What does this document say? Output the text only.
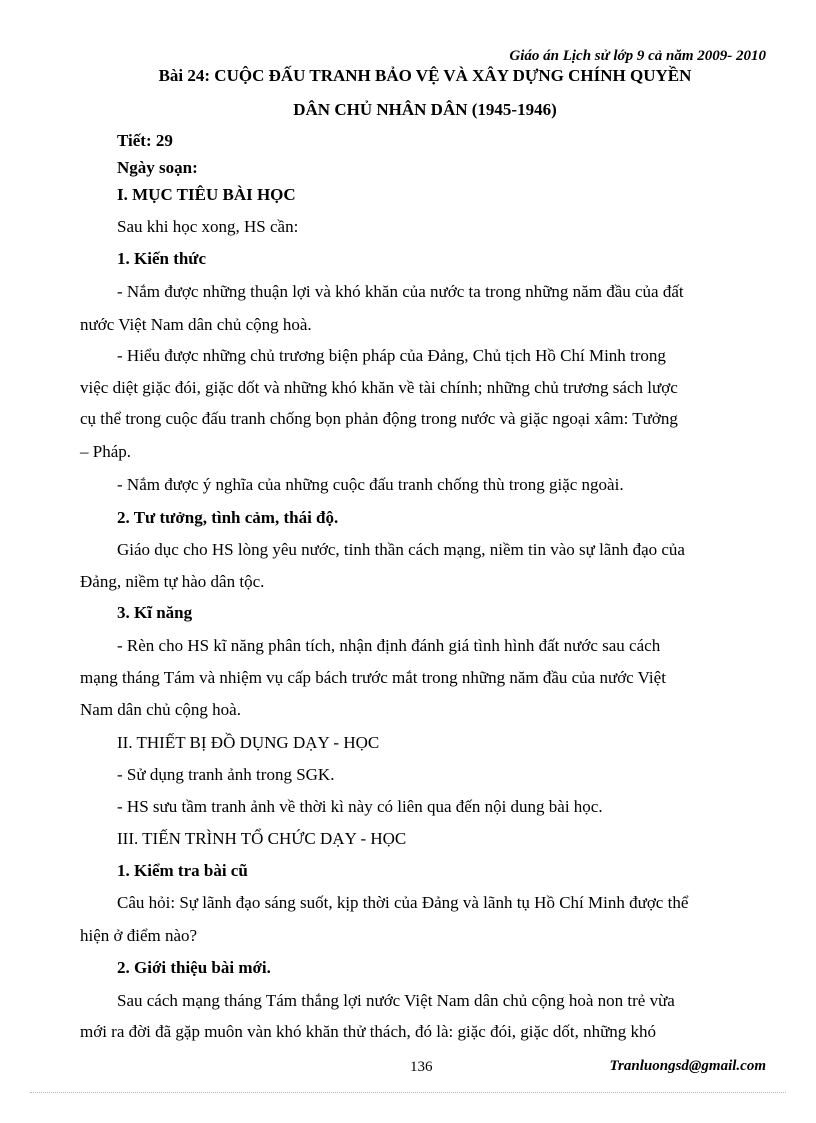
Giáo án Lịch sử lớp 9 cả năm 2009- 2010
Bài 24: CUỘC ĐẤU TRANH BẢO VỆ VÀ XÂY DỰNG CHÍNH QUYỀN
DÂN CHỦ NHÂN DÂN (1945-1946)
Tiết: 29
Ngày soạn:
I. MỤC TIÊU BÀI HỌC
Sau khi học xong, HS cần:
1. Kiến thức
- Nắm được những thuận lợi và khó khăn của nước ta trong những năm đầu của đất
nước Việt Nam dân chủ cộng hoà.
- Hiểu được những chủ trương biện pháp của Đảng, Chủ tịch Hồ Chí Minh trong
việc diệt giặc đói, giặc dốt và những khó khăn về tài chính; những chủ trương sách lược
cụ thể trong cuộc đấu tranh chống bọn phản động trong nước và giặc ngoại xâm: Tưởng
– Pháp.
- Nắm được ý nghĩa của những cuộc đấu tranh chống thù trong giặc ngoài.
2. Tư tưởng, tình cảm, thái độ.
Giáo dục cho HS lòng yêu nước, tinh thần cách mạng, niềm tin vào sự lãnh đạo của
Đảng, niềm tự hào dân tộc.
3. Kĩ năng
- Rèn cho HS kĩ năng phân tích, nhận định đánh giá tình hình đất nước sau cách
mạng tháng Tám và nhiệm vụ cấp bách trước mắt trong những năm đầu của nước Việt
Nam dân chủ cộng hoà.
II. THIẾT BỊ ĐỒ DỤNG DẠY - HỌC
- Sử dụng tranh ảnh trong SGK.
- HS sưu tầm tranh ảnh về thời kì này có liên qua đến nội dung bài học.
III. TIẾN TRÌNH TỔ CHỨC DẠY - HỌC
1. Kiểm tra bài cũ
Câu hỏi: Sự lãnh đạo sáng suốt, kịp thời của Đảng và lãnh tụ Hồ Chí Minh được thể
hiện ở điểm nào?
2. Giới thiệu bài mới.
Sau cách mạng tháng Tám thắng lợi nước Việt Nam dân chủ cộng hoà non trẻ vừa
mới ra đời đã gặp muôn vàn khó khăn thử thách, đó là: giặc đói, giặc dốt, những khó
136	Tranluongsd@gmail.com
